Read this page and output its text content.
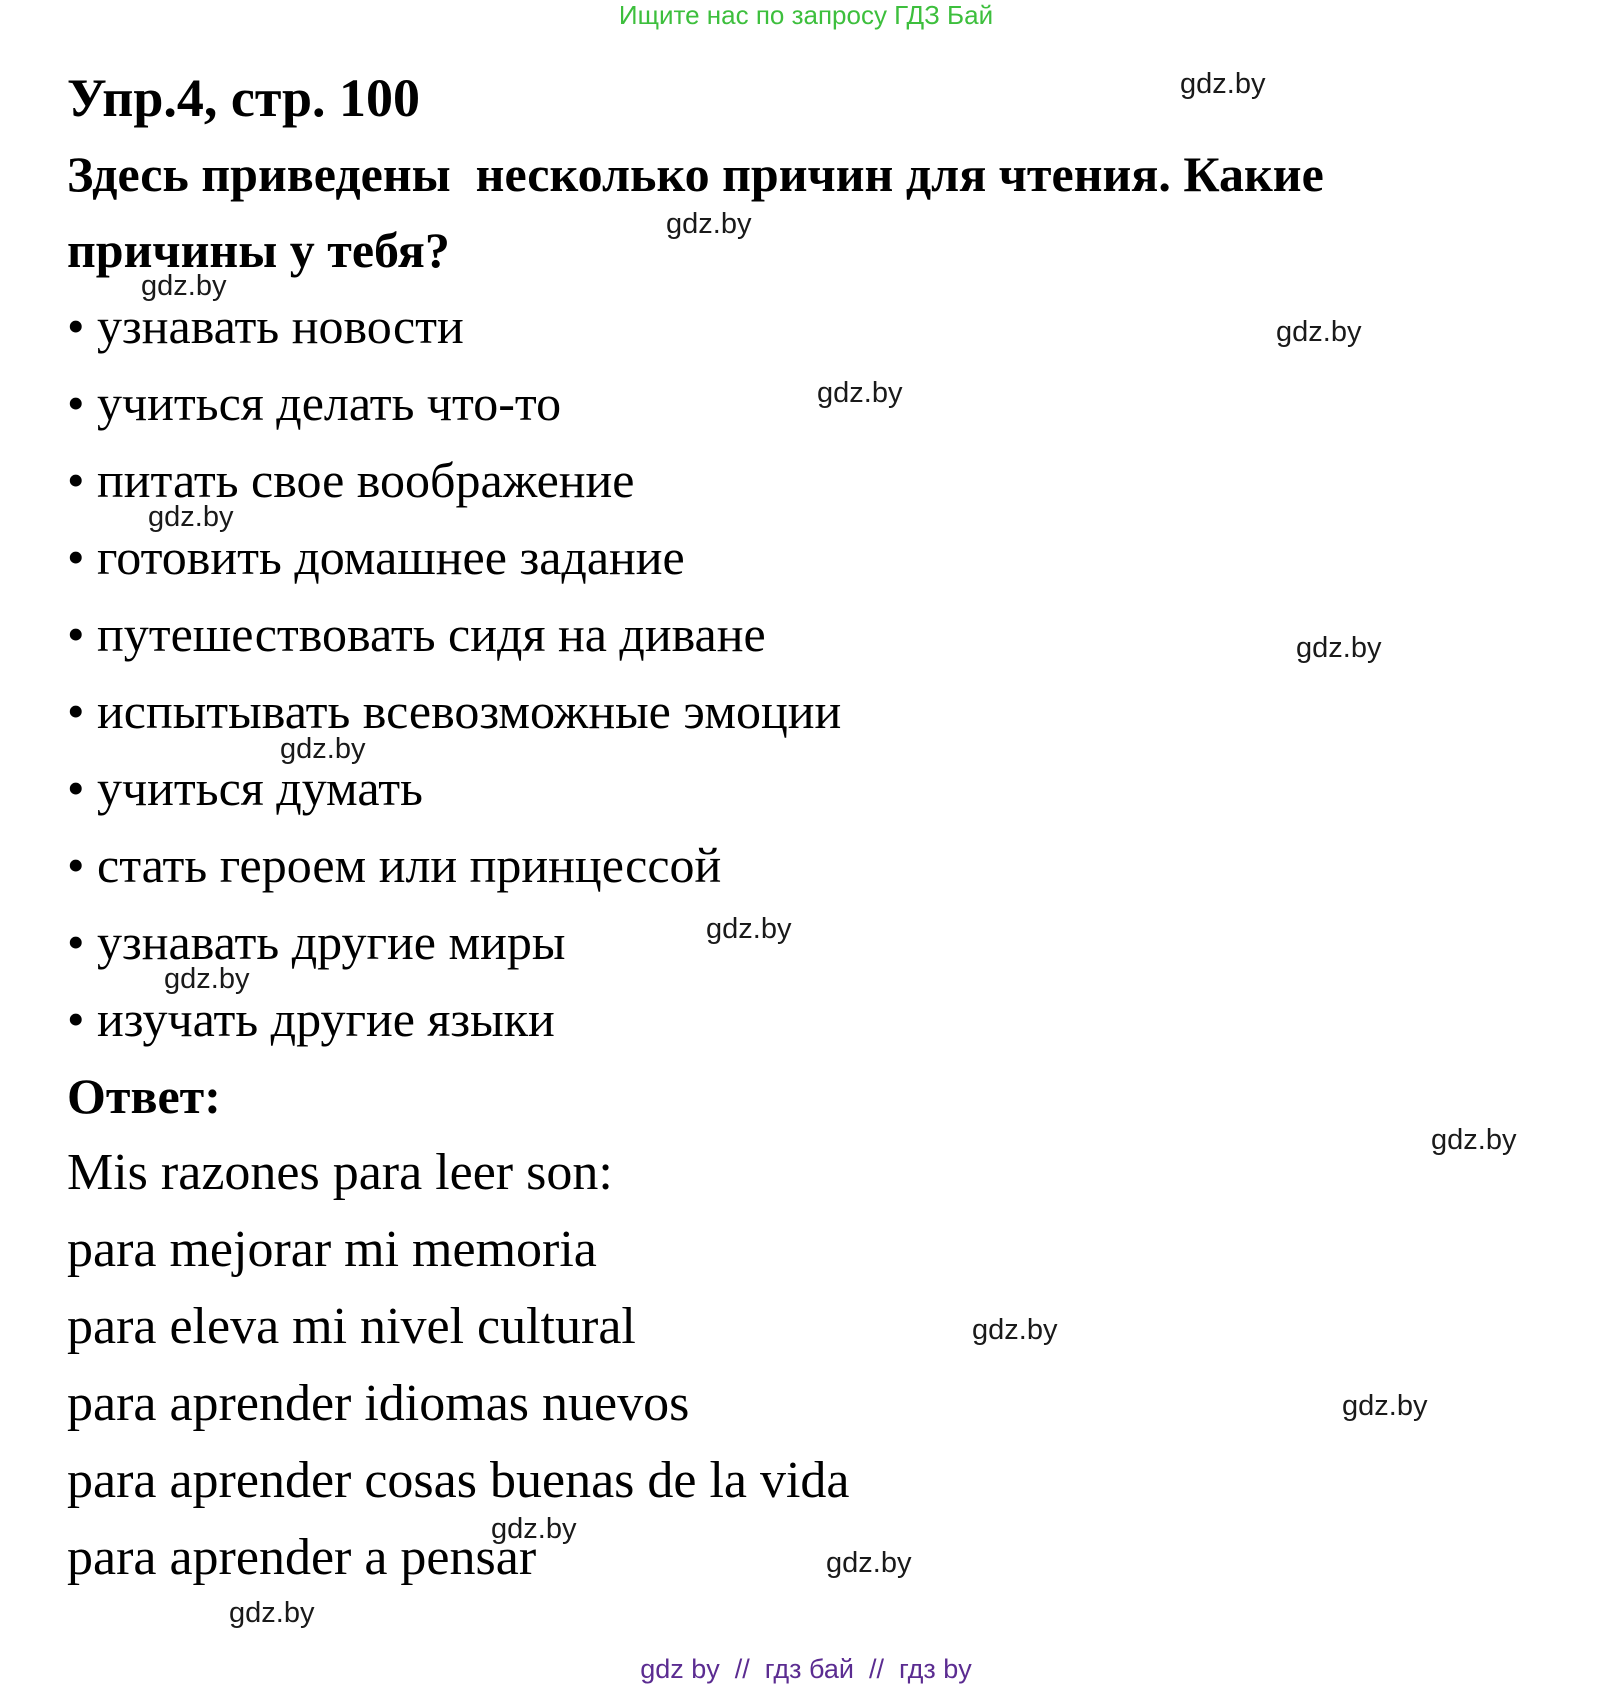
Ищите нас по запросу ГДЗ Бай
Упр.4, стр. 100
Здесь приведены  несколько причин для чтения. Какие
причины у тебя?
• узнавать новости
• учиться делать что-то
• питать свое воображение
• готовить домашнее задание
• путешествовать сидя на диване
• испытывать всевозможные эмоции
• учиться думать
• стать героем или принцессой
• узнавать другие миры
• изучать другие языки
Ответ:
Mis razones para leer son:
para mejorar mi memoria
para eleva mi nivel cultural
para aprender idiomas nuevos
para aprender cosas buenas de la vida
para aprender a pensar
gdz.by
gdz.by
gdz.by
gdz.by
gdz.by
gdz.by
gdz.by
gdz.by
gdz.by
gdz.by
gdz.by
gdz.by
gdz.by
gdz.by
gdz.by
gdz.by
gdz by  //  гдз бай  //  гдз by
